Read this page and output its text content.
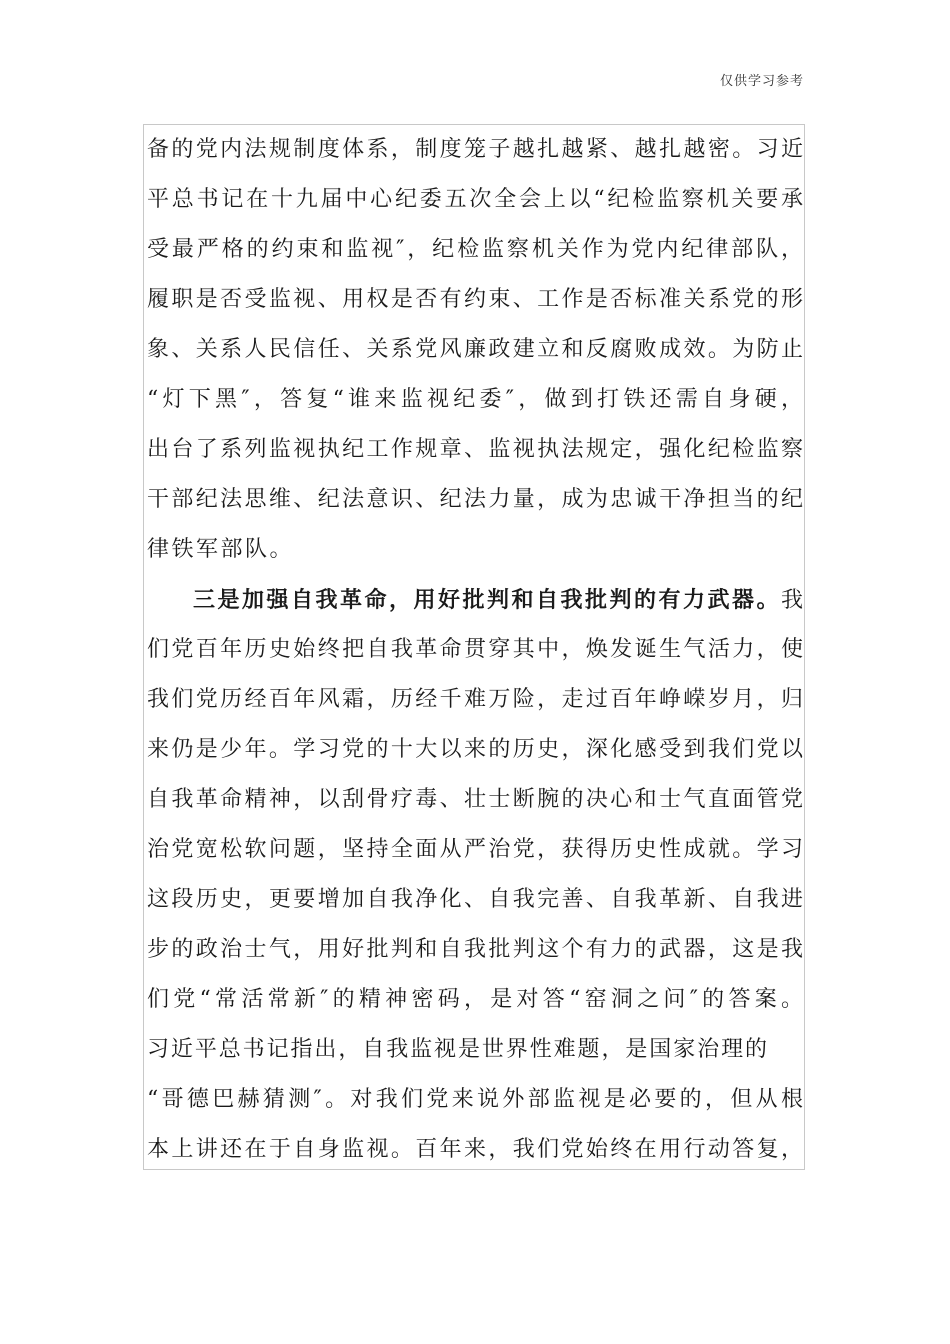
仅供学习参考
备的党内法规制度体系，制度笼子越扎越紧、越扎越密。习近
平总书记在十九届中心纪委五次全会上以“纪检监察机关要承
受最严格的约束和监视″，纪检监察机关作为党内纪律部队，
履职是否受监视、用权是否有约束、工作是否标准关系党的形
象、关系人民信任、关系党风廉政建立和反腐败成效。为防止
“灯下黑″，答复“谁来监视纪委″，做到打铁还需自身硬，
出台了系列监视执纪工作规章、监视执法规定，强化纪检监察
干部纪法思维、纪法意识、纪法力量，成为忠诚干净担当的纪
律铁军部队。
三是加强自我革命，用好批判和自我批判的有力武器。我
们党百年历史始终把自我革命贯穿其中，焕发诞生气活力，使
我们党历经百年风霜，历经千难万险，走过百年峥嵘岁月，归
来仍是少年。学习党的十大以来的历史，深化感受到我们党以
自我革命精神，以刮骨疗毒、壮士断腕的决心和士气直面管党
治党宽松软问题，坚持全面从严治党，获得历史性成就。学习
这段历史，更要增加自我净化、自我完善、自我革新、自我进
步的政治士气，用好批判和自我批判这个有力的武器，这是我
们党“常活常新″的精神密码，是对答“窑洞之问″的答案。
习近平总书记指出，自我监视是世界性难题，是国家治理的
“哥德巴赫猜测″。对我们党来说外部监视是必要的，但从根
本上讲还在于自身监视。百年来，我们党始终在用行动答复，
